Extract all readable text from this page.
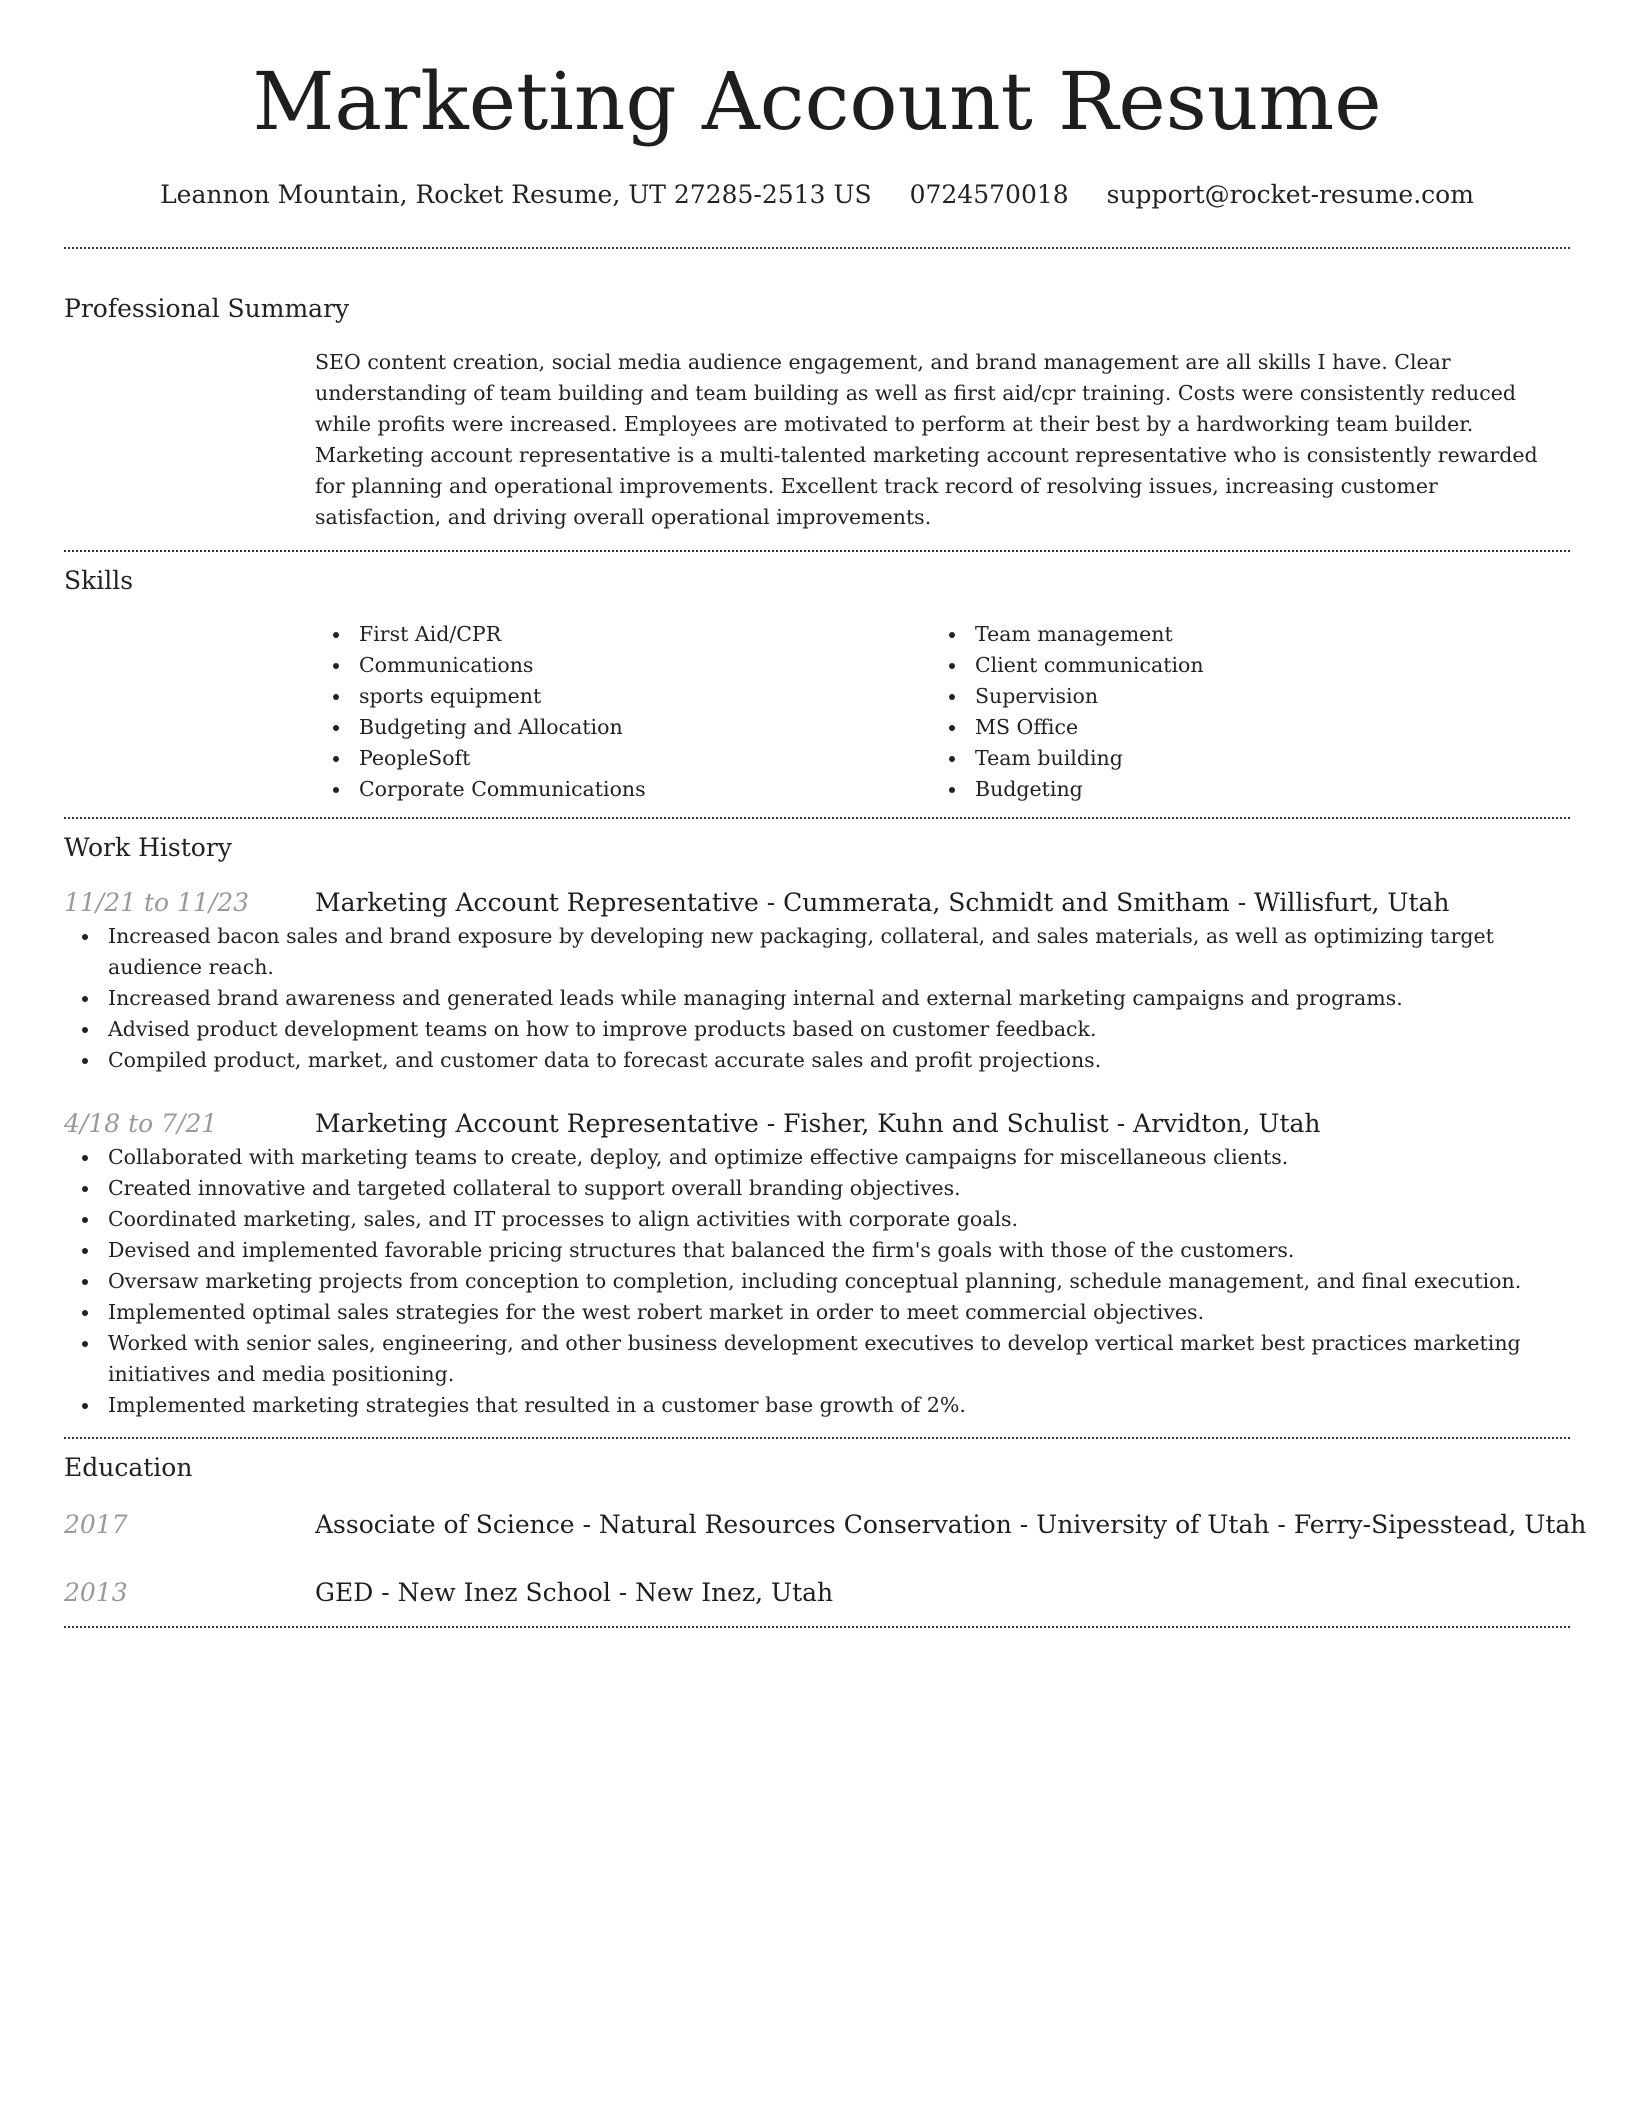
Marketing Account Resume
Leannon Mountain, Rocket Resume, UT 27285-2513 US 0724570018 support@rocket-resume.com
Professional Summary
SEO content creation, social media audience engagement, and brand management are all skills I have. Clear understanding of team building and team building as well as first aid/cpr training. Costs were consistently reduced while profits were increased. Employees are motivated to perform at their best by a hardworking team builder. Marketing account representative is a multi-talented marketing account representative who is consistently rewarded for planning and operational improvements. Excellent track record of resolving issues, increasing customer satisfaction, and driving overall operational improvements.
Skills
First Aid/CPR
Communications
sports equipment
Budgeting and Allocation
PeopleSoft
Corporate Communications
Team management
Client communication
Supervision
MS Office
Team building
Budgeting
Work History
11/21 to 11/23	Marketing Account Representative - Cummerata, Schmidt and Smitham - Willisfurt, Utah
Increased bacon sales and brand exposure by developing new packaging, collateral, and sales materials, as well as optimizing target audience reach.
Increased brand awareness and generated leads while managing internal and external marketing campaigns and programs.
Advised product development teams on how to improve products based on customer feedback.
Compiled product, market, and customer data to forecast accurate sales and profit projections.
4/18 to 7/21	Marketing Account Representative - Fisher, Kuhn and Schulist - Arvidton, Utah
Collaborated with marketing teams to create, deploy, and optimize effective campaigns for miscellaneous clients.
Created innovative and targeted collateral to support overall branding objectives.
Coordinated marketing, sales, and IT processes to align activities with corporate goals.
Devised and implemented favorable pricing structures that balanced the firm's goals with those of the customers.
Oversaw marketing projects from conception to completion, including conceptual planning, schedule management, and final execution.
Implemented optimal sales strategies for the west robert market in order to meet commercial objectives.
Worked with senior sales, engineering, and other business development executives to develop vertical market best practices marketing initiatives and media positioning.
Implemented marketing strategies that resulted in a customer base growth of 2%.
Education
2017	Associate of Science - Natural Resources Conservation - University of Utah - Ferry-Sipesstead, Utah
2013	GED - New Inez School - New Inez, Utah
